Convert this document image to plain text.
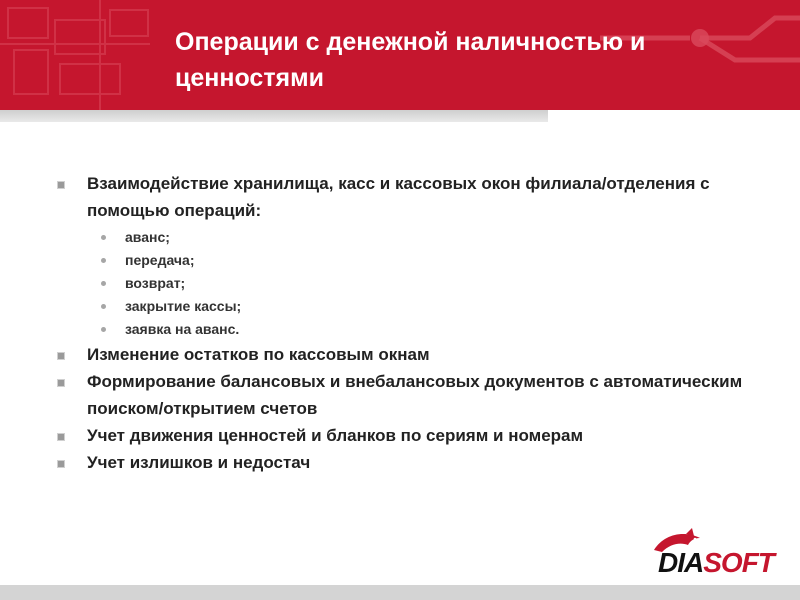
Операции с денежной наличностью и ценностями
Взаимодействие хранилища, касс и кассовых окон филиала/отделения с помощью операций:
аванс;
передача;
возврат;
закрытие кассы;
заявка на аванс.
Изменение остатков по кассовым окнам
Формирование балансовых и внебалансовых документов с автоматическим поиском/открытием счетов
Учет движения ценностей и бланков по сериям и номерам
Учет излишков и недостач
DIASOFT
